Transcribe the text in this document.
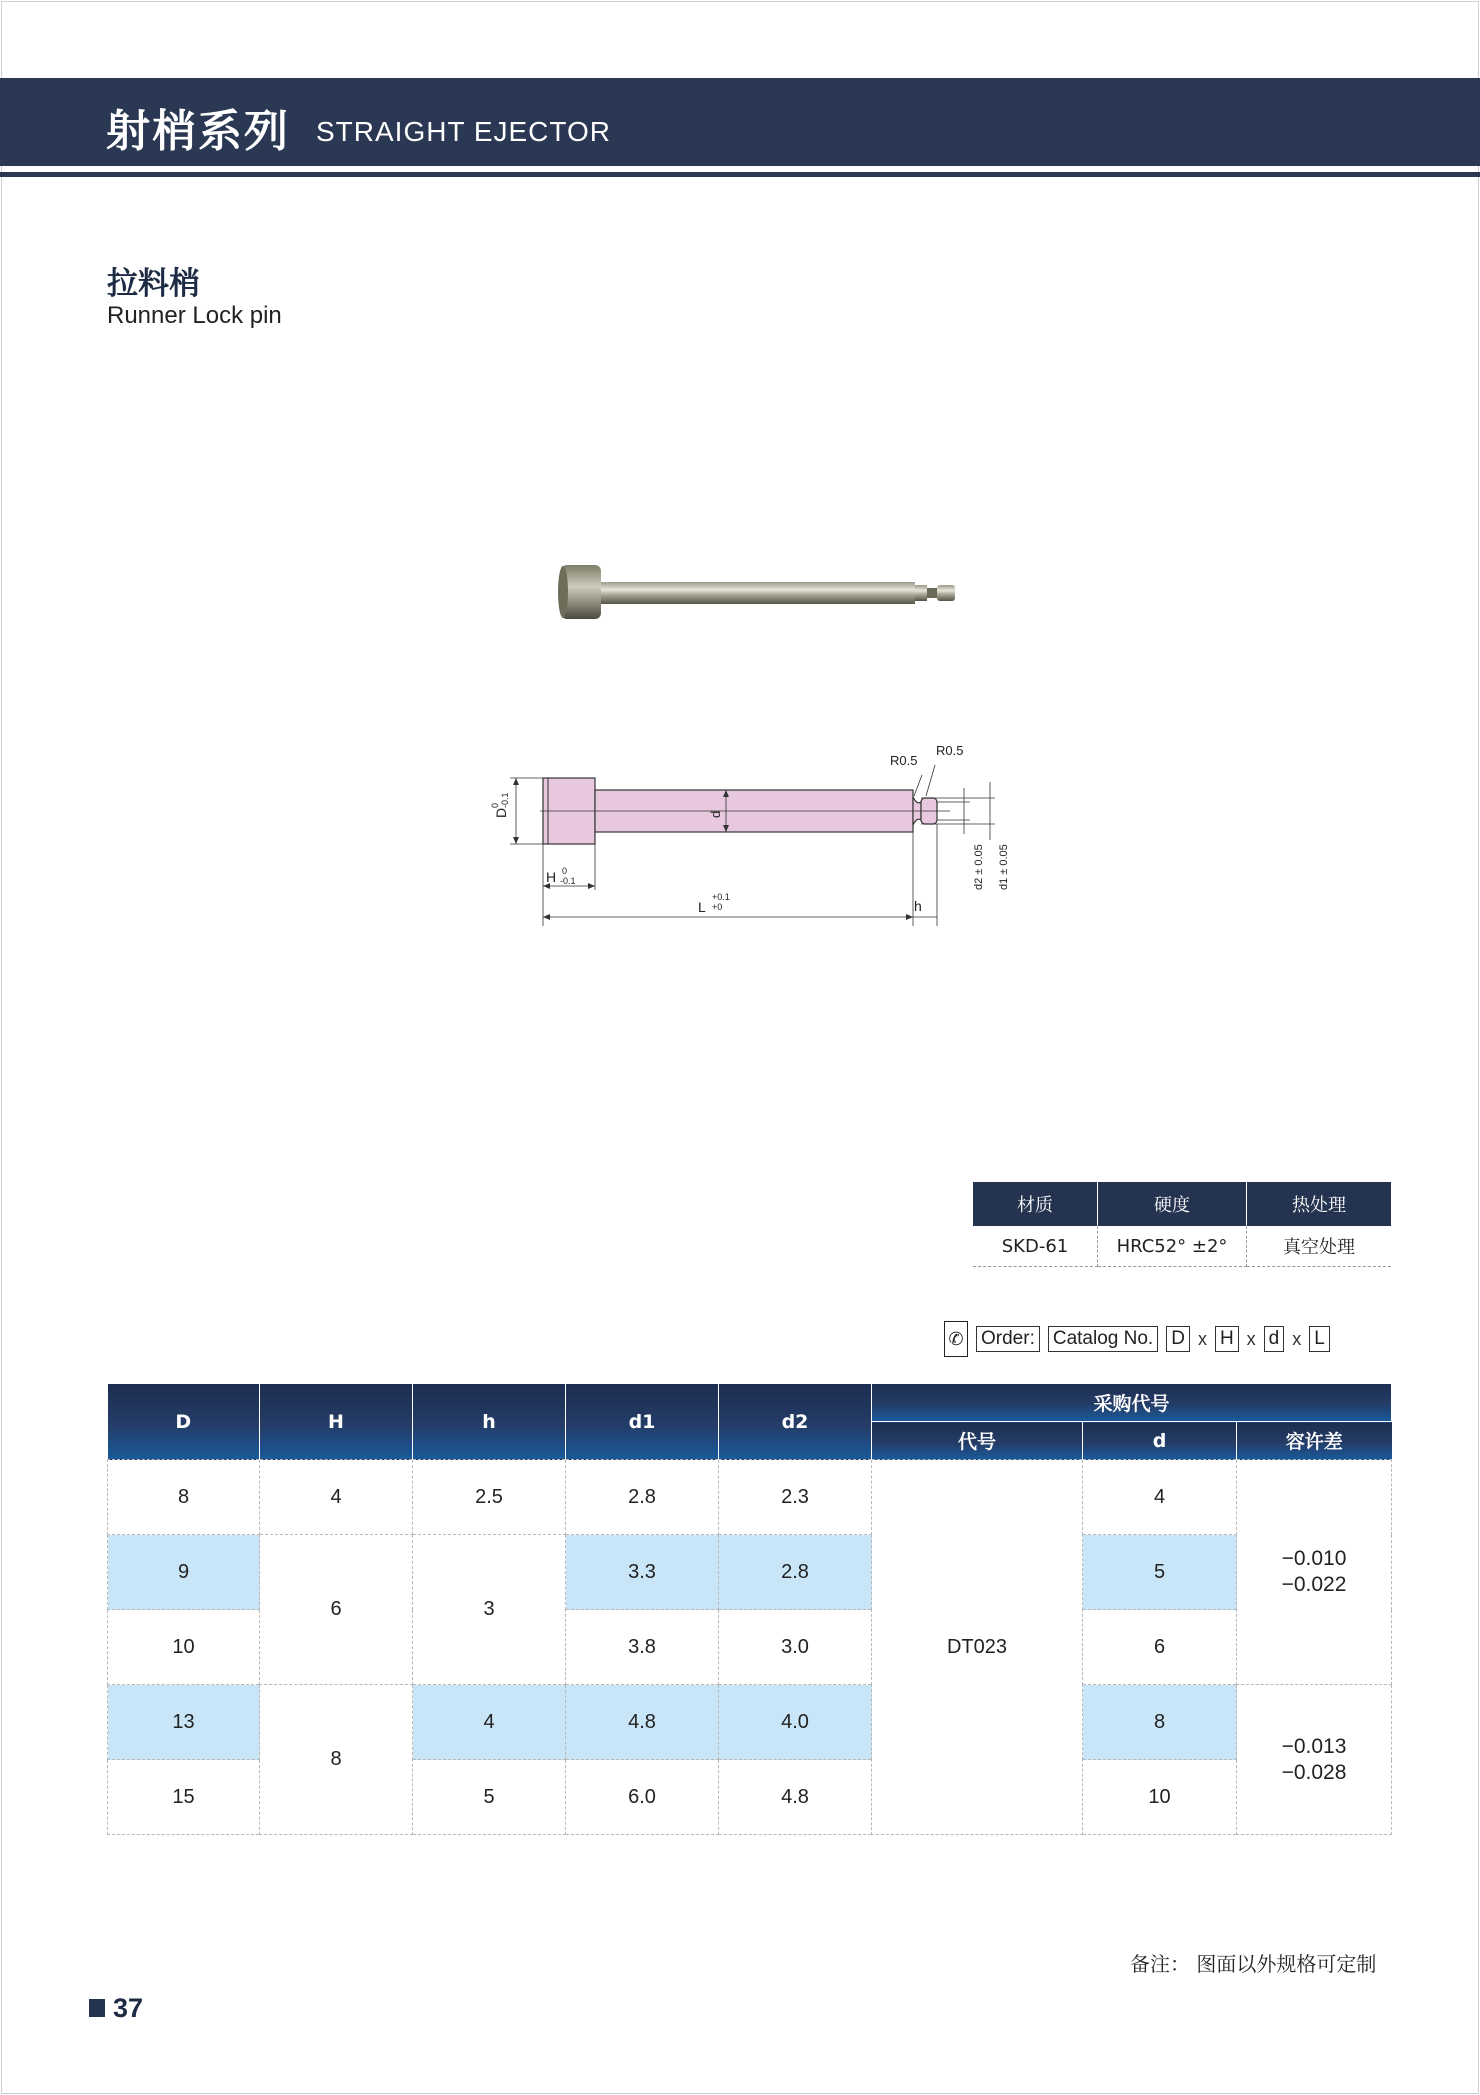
射梢系列 STRAIGHT EJECTOR
拉料梢
Runner Lock pin
R0.5
R0.5
D
0 -0.1
d
H 0
-0.1
L
+0.1
+0	h
d2 ± 0.05 d1 ± 0.05
材质	硬度	热处理
SKD-61	HRC52° ±2°	真空处理
✆ Order: Catalog No. D x H x d x L
D	H	h	d1	d2	采购代号		
					代号	d	容许差
8	4	2.5	2.8	2.3	DT023	4	−0.010
−0.022

9	6	3	3.3	2.8		5	
10			3.8	3.0		6	
13	8	4	4.8	4.0		8	−0.013
−0.028

15		5	6.0	4.8		10	
备注： 图面以外规格可定制
37
